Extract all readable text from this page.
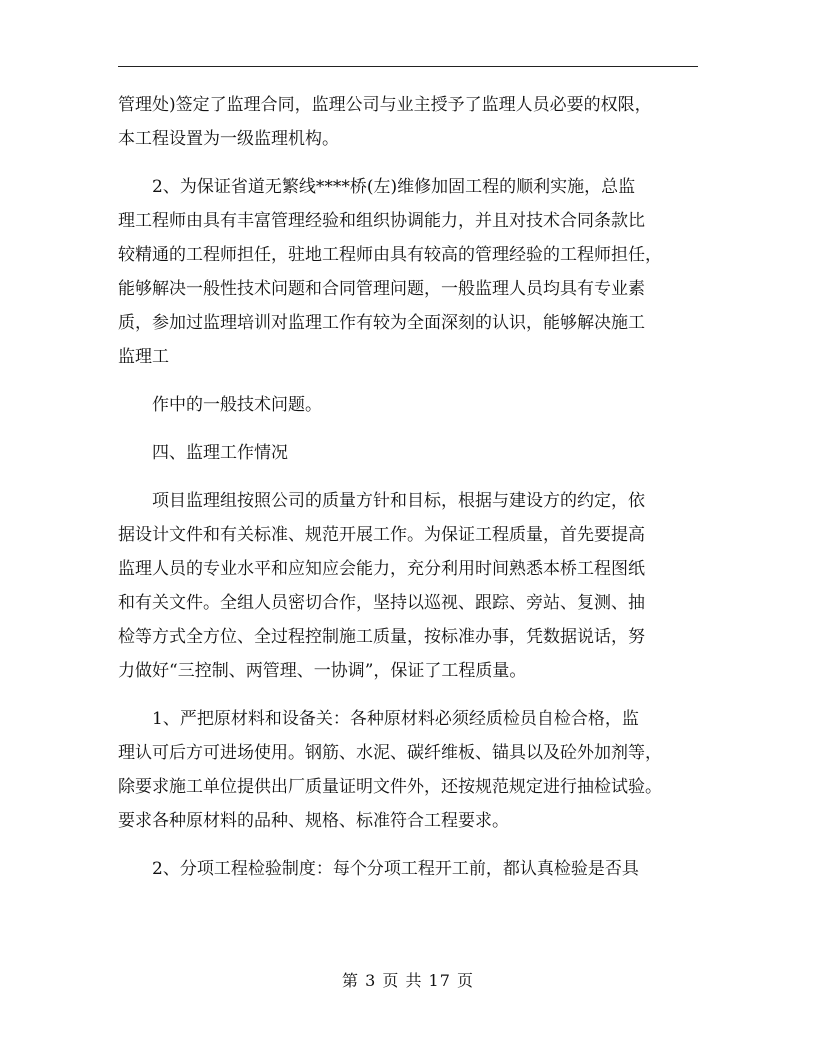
管理处)签定了监理合同，监理公司与业主授予了监理人员必要的权限，
本工程设置为一级监理机构。

2、为保证省道无繁线****桥(左)维修加固工程的顺利实施，总监
理工程师由具有丰富管理经验和组织协调能力，并且对技术合同条款比
较精通的工程师担任，驻地工程师由具有较高的管理经验的工程师担任，
能够解决一般性技术问题和合同管理问题，一般监理人员均具有专业素
质，参加过监理培训对监理工作有较为全面深刻的认识，能够解决施工
监理工

作中的一般技术问题。

四、监理工作情况

项目监理组按照公司的质量方针和目标，根据与建设方的约定，依
据设计文件和有关标准、规范开展工作。为保证工程质量，首先要提高
监理人员的专业水平和应知应会能力，充分利用时间熟悉本桥工程图纸
和有关文件。全组人员密切合作，坚持以巡视、跟踪、旁站、复测、抽
检等方式全方位、全过程控制施工质量，按标准办事，凭数据说话，努
力做好“三控制、两管理、一协调”，保证了工程质量。

1、严把原材料和设备关：各种原材料必须经质检员自检合格，监
理认可后方可进场使用。钢筋、水泥、碳纤维板、锚具以及砼外加剂等，
除要求施工单位提供出厂质量证明文件外，还按规范规定进行抽检试验。
要求各种原材料的品种、规格、标准符合工程要求。

2、分项工程检验制度：每个分项工程开工前，都认真检验是否具

第 3 页 共 17 页
